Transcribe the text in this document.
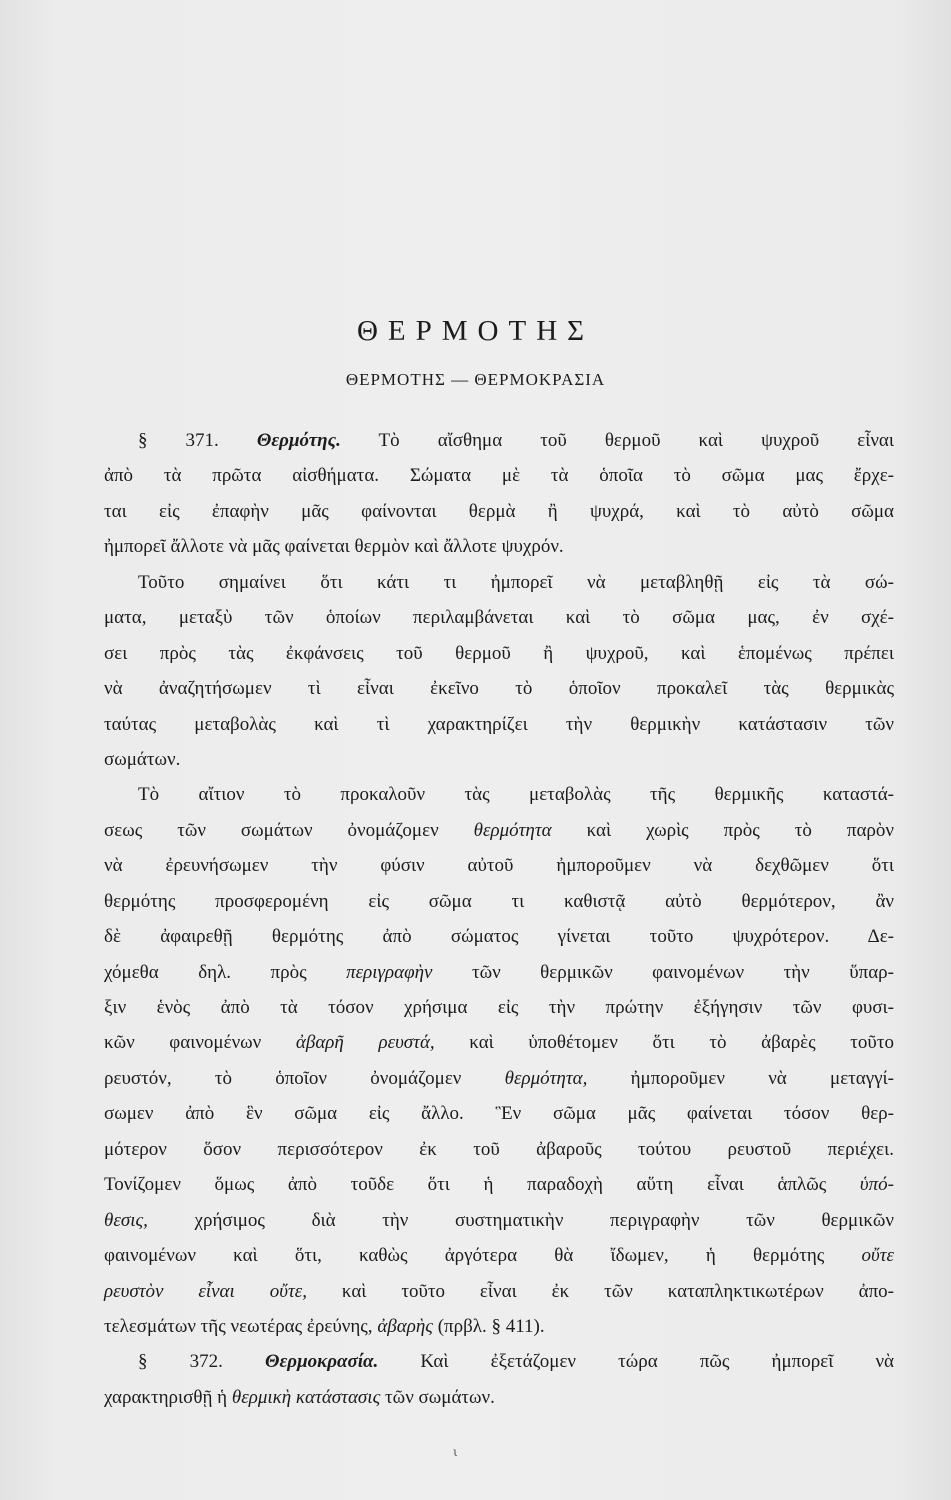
ΘΕΡΜΟΤΗΣ
ΘΕΡΜΟΤΗΣ — ΘΕΡΜΟΚΡΑΣΙΑ
§ 371. Θερμότης. Τὸ αἴσθημα τοῦ θερμοῦ καὶ ψυχροῦ εἶναι
ἀπὸ τὰ πρῶτα αἰσθήματα. Σώματα μὲ τὰ ὁποῖα τὸ σῶμα μας ἔρχε-
ται εἰς ἐπαφὴν μᾶς φαίνονται θερμὰ ἢ ψυχρά, καὶ τὸ αὐτὸ σῶμα
ἠμπορεῖ ἄλλοτε νὰ μᾶς φαίνεται θερμὸν καὶ ἄλλοτε ψυχρόν.
Τοῦτο σημαίνει ὅτι κάτι τι ἠμπορεῖ νὰ μεταβληθῇ εἰς τὰ σώ-
ματα, μεταξὺ τῶν ὁποίων περιλαμβάνεται καὶ τὸ σῶμα μας, ἐν σχέ-
σει πρὸς τὰς ἐκφάνσεις τοῦ θερμοῦ ἢ ψυχροῦ, καὶ ἑπομένως πρέπει
νὰ ἀναζητήσωμεν τὶ εἶναι ἐκεῖνο τὸ ὁποῖον προκαλεῖ τὰς θερμικὰς
ταύτας μεταβολὰς καὶ τὶ χαρακτηρίζει τὴν θερμικὴν κατάστασιν τῶν
σωμάτων.
Τὸ αἴτιον τὸ προκαλοῦν τὰς μεταβολὰς τῆς θερμικῆς καταστά-
σεως τῶν σωμάτων ὀνομάζομεν θερμότητα καὶ χωρὶς πρὸς τὸ παρὸν
νὰ ἐρευνήσωμεν τὴν φύσιν αὐτοῦ ἠμποροῦμεν νὰ δεχθῶμεν ὅτι
θερμότης προσφερομένη εἰς σῶμα τι καθιστᾷ αὐτὸ θερμότερον, ἂν
δὲ ἀφαιρεθῇ θερμότης ἀπὸ σώματος γίνεται τοῦτο ψυχρότερον. Δε-
χόμεθα δηλ. πρὸς περιγραφὴν τῶν θερμικῶν φαινομένων τὴν ὕπαρ-
ξιν ἑνὸς ἀπὸ τὰ τόσον χρήσιμα εἰς τὴν πρώτην ἐξήγησιν τῶν φυσι-
κῶν φαινομένων ἀβαρῆ ρευστά, καὶ ὑποθέτομεν ὅτι τὸ ἀβαρὲς τοῦτο
ρευστόν, τὸ ὁποῖον ὀνομάζομεν θερμότητα, ἠμποροῦμεν νὰ μεταγγί-
σωμεν ἀπὸ ἓν σῶμα εἰς ἄλλο. Ἓν σῶμα μᾶς φαίνεται τόσον θερ-
μότερον ὅσον περισσότερον ἐκ τοῦ ἀβαροῦς τούτου ρευστοῦ περιέχει.
Τονίζομεν ὅμως ἀπὸ τοῦδε ὅτι ἡ παραδοχὴ αὕτη εἶναι ἁπλῶς ὑπό-
θεσις, χρήσιμος διὰ τὴν συστηματικὴν περιγραφὴν τῶν θερμικῶν
φαινομένων καὶ ὅτι, καθὼς ἀργότερα θὰ ἴδωμεν, ἡ θερμότης οὔτε
ρευστὸν εἶναι οὔτε, καὶ τοῦτο εἶναι ἐκ τῶν καταπληκτικωτέρων ἀπο-
τελεσμάτων τῆς νεωτέρας ἐρεύνης, ἀβαρὴς (πρβλ. § 411).
§ 372. Θερμοκρασία. Καὶ ἐξετάζομεν τώρα πῶς ἠμπορεῖ νὰ
χαρακτηρισθῇ ἡ θερμικὴ κατάστασις τῶν σωμάτων.
ι
